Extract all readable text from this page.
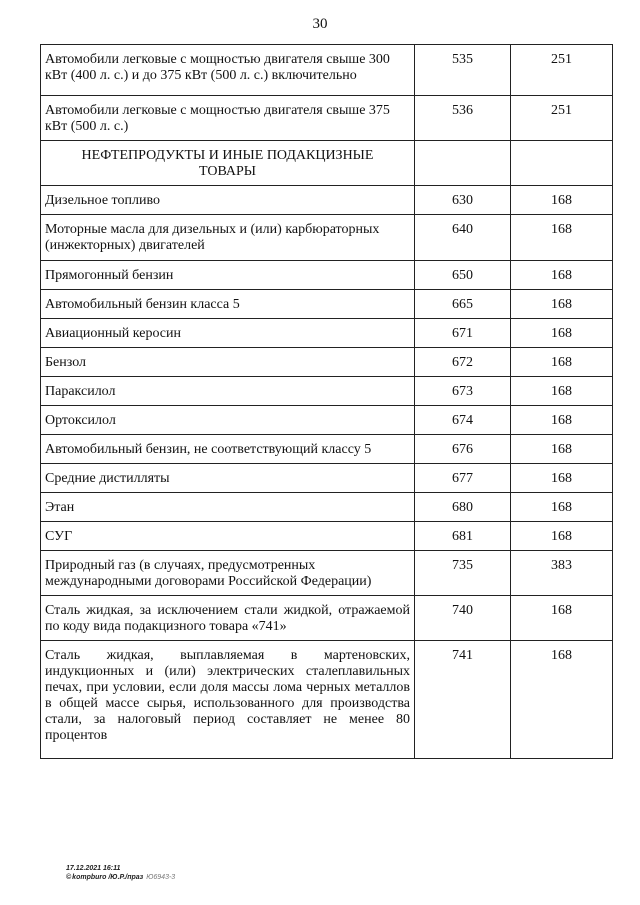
30
Автомобили легковые с мощностью двигателя свыше 300 кВт (400 л. с.) и до 375 кВт (500 л. с.) включительно	535	251
Автомобили легковые с мощностью двигателя свыше 375 кВт (500 л. с.)	536	251
НЕФТЕПРОДУКТЫ И ИНЫЕ ПОДАКЦИЗНЫЕ ТОВАРЫ		
Дизельное топливо	630	168
Моторные масла для дизельных и (или) карбюраторных (инжекторных) двигателей	640	168
Прямогонный бензин	650	168
Автомобильный бензин класса 5	665	168
Авиационный керосин	671	168
Бензол	672	168
Параксилол	673	168
Ортоксилол	674	168
Автомобильный бензин, не соответствующий классу 5	676	168
Средние дистилляты	677	168
Этан	680	168
СУГ	681	168
Природный газ (в случаях, предусмотренных международными договорами Российской Федерации)	735	383
Сталь жидкая, за исключением стали жидкой, отражаемой по коду вида подакцизного товара «741»	740	168
Сталь жидкая, выплавляемая в мартеновских, индукционных и (или) электрических сталеплавильных печах, при условии, если доля массы лома черных металлов в общей массе сырья, использованного для производства стали, за налоговый период составляет не менее 80 процентов	741	168
17.12.2021 16:11
©kompburo /Ю.Р./праз Ю6943-3
